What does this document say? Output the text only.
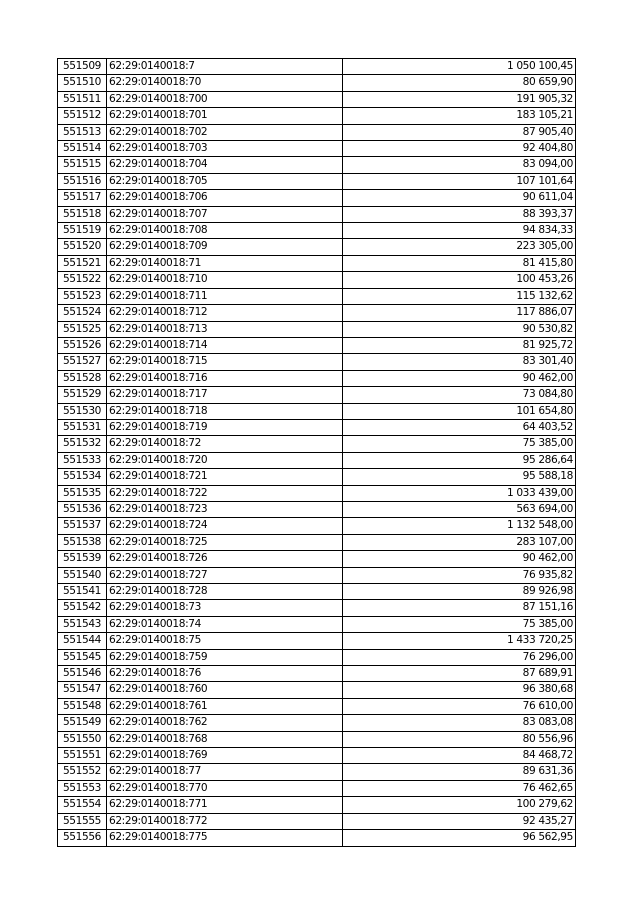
551509	62:29:0140018:7	1 050 100,45
551510	62:29:0140018:70	80 659,90
551511	62:29:0140018:700	191 905,32
551512	62:29:0140018:701	183 105,21
551513	62:29:0140018:702	87 905,40
551514	62:29:0140018:703	92 404,80
551515	62:29:0140018:704	83 094,00
551516	62:29:0140018:705	107 101,64
551517	62:29:0140018:706	90 611,04
551518	62:29:0140018:707	88 393,37
551519	62:29:0140018:708	94 834,33
551520	62:29:0140018:709	223 305,00
551521	62:29:0140018:71	81 415,80
551522	62:29:0140018:710	100 453,26
551523	62:29:0140018:711	115 132,62
551524	62:29:0140018:712	117 886,07
551525	62:29:0140018:713	90 530,82
551526	62:29:0140018:714	81 925,72
551527	62:29:0140018:715	83 301,40
551528	62:29:0140018:716	90 462,00
551529	62:29:0140018:717	73 084,80
551530	62:29:0140018:718	101 654,80
551531	62:29:0140018:719	64 403,52
551532	62:29:0140018:72	75 385,00
551533	62:29:0140018:720	95 286,64
551534	62:29:0140018:721	95 588,18
551535	62:29:0140018:722	1 033 439,00
551536	62:29:0140018:723	563 694,00
551537	62:29:0140018:724	1 132 548,00
551538	62:29:0140018:725	283 107,00
551539	62:29:0140018:726	90 462,00
551540	62:29:0140018:727	76 935,82
551541	62:29:0140018:728	89 926,98
551542	62:29:0140018:73	87 151,16
551543	62:29:0140018:74	75 385,00
551544	62:29:0140018:75	1 433 720,25
551545	62:29:0140018:759	76 296,00
551546	62:29:0140018:76	87 689,91
551547	62:29:0140018:760	96 380,68
551548	62:29:0140018:761	76 610,00
551549	62:29:0140018:762	83 083,08
551550	62:29:0140018:768	80 556,96
551551	62:29:0140018:769	84 468,72
551552	62:29:0140018:77	89 631,36
551553	62:29:0140018:770	76 462,65
551554	62:29:0140018:771	100 279,62
551555	62:29:0140018:772	92 435,27
551556	62:29:0140018:775	96 562,95
